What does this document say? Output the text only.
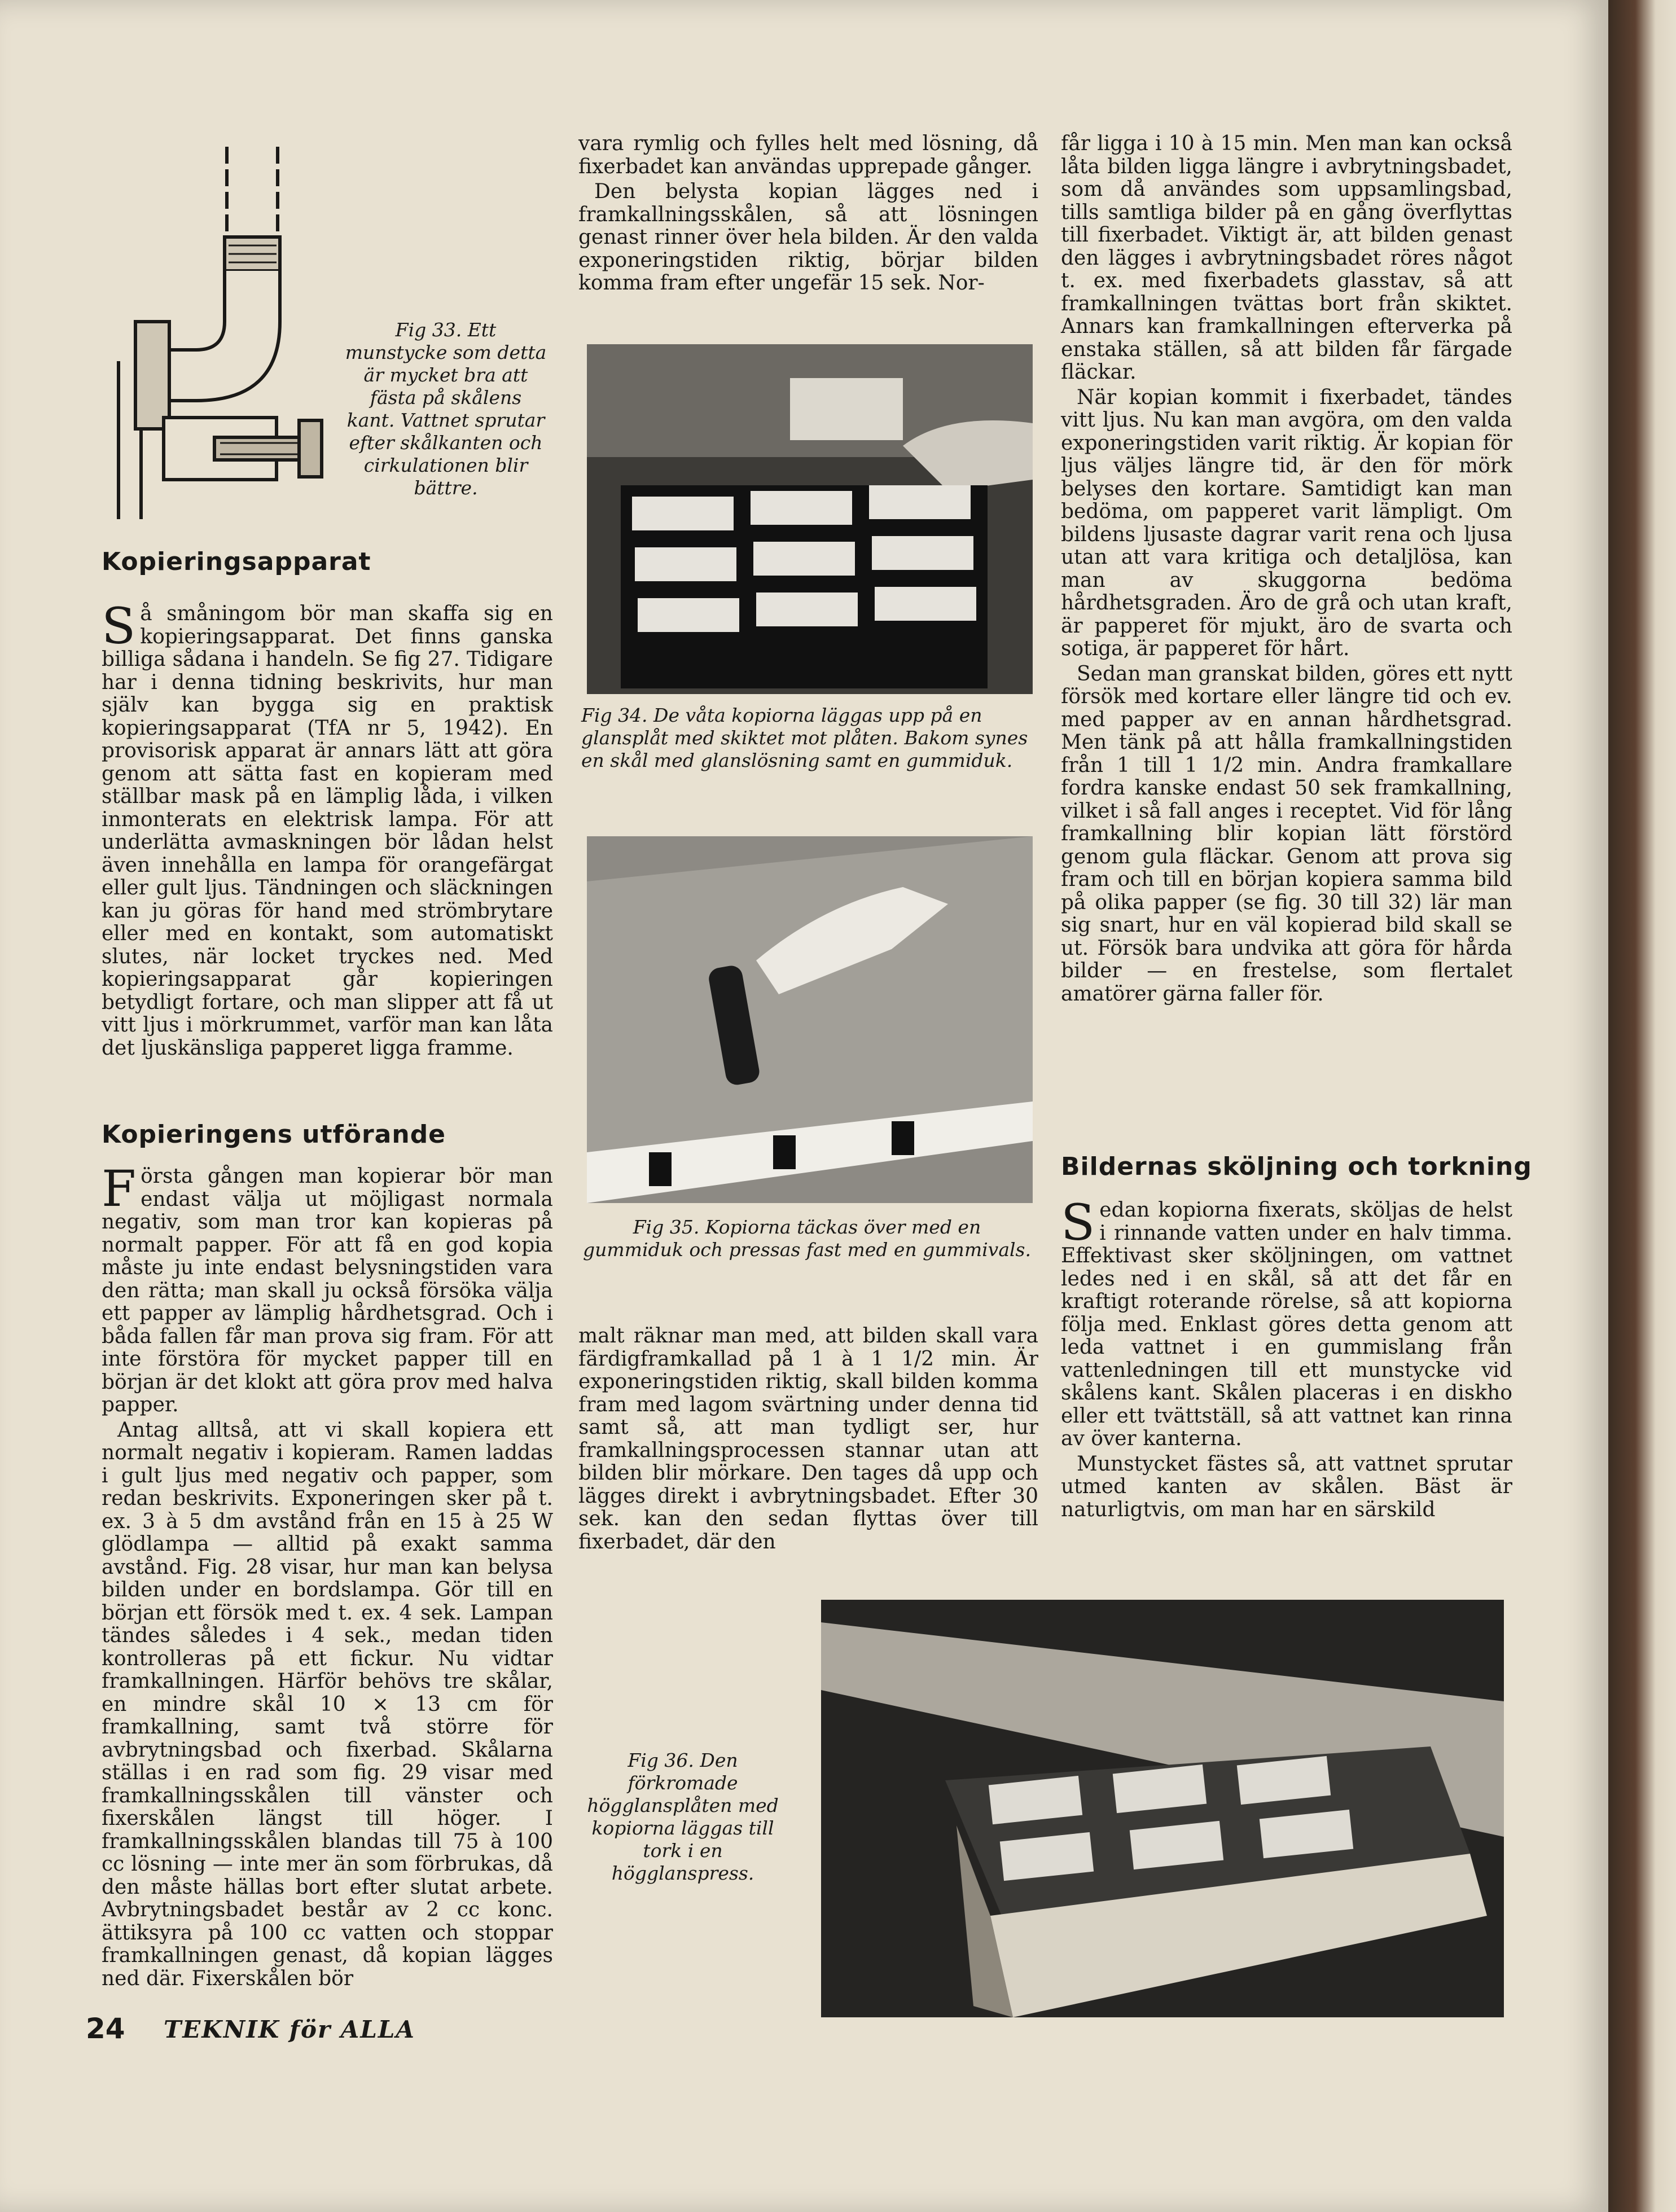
Fig 33. Ett munstycke som detta är mycket bra att fästa på skålens kant. Vattnet sprutar efter skålkanten och cirkulationen blir bättre.
Kopieringsapparat

Så småningom bör man skaffa sig en kopieringsapparat. Det finns ganska billiga sådana i handeln. Se fig 27. Tidigare har i denna tidning beskrivits, hur man själv kan bygga sig en praktisk kopieringsapparat (TfA nr 5, 1942). En provisorisk apparat är annars lätt att göra genom att sätta fast en kopieram med ställbar mask på en lämplig låda, i vilken inmonterats en elektrisk lampa. För att underlätta avmaskningen bör lådan helst även innehålla en lampa för orangefärgat eller gult ljus. Tändningen och släckningen kan ju göras för hand med strömbrytare eller med en kontakt, som automatiskt slutes, när locket tryckes ned. Med kopieringsapparat går kopieringen betydligt fortare, och man slipper att få ut vitt ljus i mörkrummet, varför man kan låta det ljuskänsliga papperet ligga framme.

Kopieringens utförande

Första gången man kopierar bör man endast välja ut möjligast normala negativ, som man tror kan kopieras på normalt papper. För att få en god kopia måste ju inte endast belysningstiden vara den rätta; man skall ju också försöka välja ett papper av lämplig hårdhetsgrad. Och i båda fallen får man prova sig fram. För att inte förstöra för mycket papper till en början är det klokt att göra prov med halva papper.

Antag alltså, att vi skall kopiera ett normalt negativ i kopieram. Ramen laddas i gult ljus med negativ och papper, som redan beskrivits. Exponeringen sker på t. ex. 3 à 5 dm avstånd från en 15 à 25 W glödlampa — alltid på exakt samma avstånd. Fig. 28 visar, hur man kan belysa bilden under en bordslampa. Gör till en början ett försök med t. ex. 4 sek. Lampan tändes således i 4 sek., medan tiden kontrolleras på ett fickur. Nu vidtar framkallningen. Härför behövs tre skålar, en mindre skål 10 × 13 cm för framkallning, samt två större för avbrytningsbad och fixerbad. Skålarna ställas i en rad som fig. 29 visar med framkallningsskålen till vänster och fixerskålen längst till höger. I framkallningsskålen blandas till 75 à 100 cc lösning — inte mer än som förbrukas, då den måste hällas bort efter slutat arbete. Avbrytningsbadet består av 2 cc konc. ättiksyra på 100 cc vatten och stoppar framkallningen genast, då kopian lägges ned där. Fixerskålen bör

vara rymlig och fylles helt med lösning, då fixerbadet kan användas upprepade gånger.

Den belysta kopian lägges ned i framkallningsskålen, så att lösningen genast rinner över hela bilden. Är den valda exponeringstiden riktig, börjar bilden komma fram efter ungefär 15 sek. Nor-

Fig 34. De våta kopiorna läggas upp på en glansplåt med skiktet mot plåten. Bakom synes en skål med glanslösning samt en gummiduk.
Fig 35. Kopiorna täckas över med en gummiduk och pressas fast med en gummivals.

malt räknar man med, att bilden skall vara färdigframkallad på 1 à 1 1/2 min. Är exponeringstiden riktig, skall bilden komma fram med lagom svärtning under denna tid samt så, att man tydligt ser, hur framkallningsprocessen stannar utan att bilden blir mörkare. Den tages då upp och lägges direkt i avbrytningsbadet. Efter 30 sek. kan den sedan flyttas över till fixerbadet, där den

får ligga i 10 à 15 min. Men man kan också låta bilden ligga längre i avbrytningsbadet, som då användes som uppsamlingsbad, tills samtliga bilder på en gång överflyttas till fixerbadet. Viktigt är, att bilden genast den lägges i avbrytningsbadet röres något t. ex. med fixerbadets glasstav, så att framkallningen tvättas bort från skiktet. Annars kan framkallningen efterverka på enstaka ställen, så att bilden får färgade fläckar.

När kopian kommit i fixerbadet, tändes vitt ljus. Nu kan man avgöra, om den valda exponeringstiden varit riktig. Är kopian för ljus väljes längre tid, är den för mörk belyses den kortare. Samtidigt kan man bedöma, om papperet varit lämpligt. Om bildens ljusaste dagrar varit rena och ljusa utan att vara kritiga och detaljlösa, kan man av skuggorna bedöma hårdhetsgraden. Äro de grå och utan kraft, är papperet för mjukt, äro de svarta och sotiga, är papperet för hårt.

Sedan man granskat bilden, göres ett nytt försök med kortare eller längre tid och ev. med papper av en annan hårdhetsgrad. Men tänk på att hålla framkallningstiden från 1 till 1 1/2 min. Andra framkallare fordra kanske endast 50 sek framkallning, vilket i så fall anges i receptet. Vid för lång framkallning blir kopian lätt förstörd genom gula fläckar. Genom att prova sig fram och till en början kopiera samma bild på olika papper (se fig. 30 till 32) lär man sig snart, hur en väl kopierad bild skall se ut. Försök bara undvika att göra för hårda bilder — en frestelse, som flertalet amatörer gärna faller för.

Bildernas sköljning och torkning

Sedan kopiorna fixerats, sköljas de helst i rinnande vatten under en halv timma. Effektivast sker sköljningen, om vattnet ledes ned i en skål, så att det får en kraftigt roterande rörelse, så att kopiorna följa med. Enklast göres detta genom att leda vattnet i en gummislang från vattenledningen till ett munstycke vid skålens kant. Skålen placeras i en diskho eller ett tvättställ, så att vattnet kan rinna av över kanterna.

Munstycket fästes så, att vattnet sprutar utmed kanten av skålen. Bäst är naturligtvis, om man har en särskild

Fig 36. Den förkromade högglansplåten med kopiorna läggas till tork i en högglanspress.
24 TEKNIK för ALLA
